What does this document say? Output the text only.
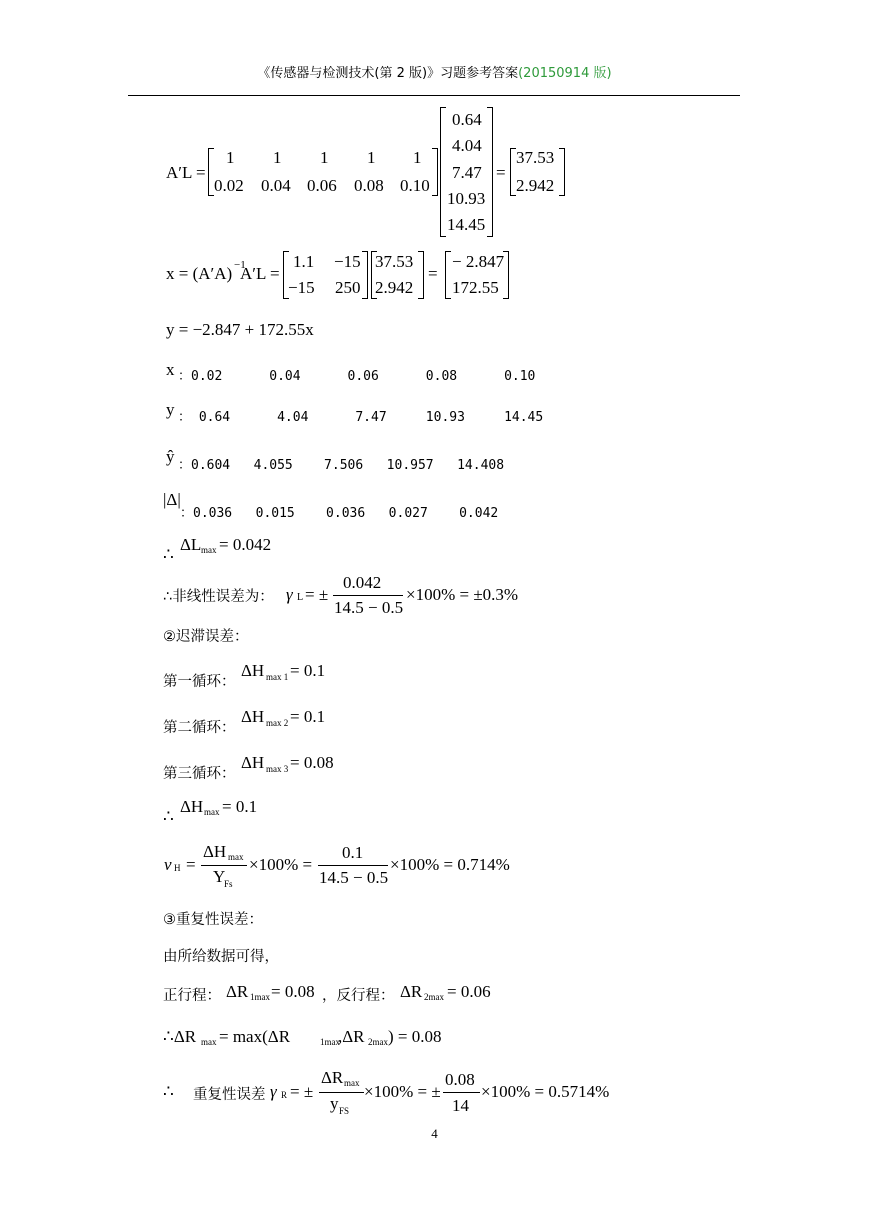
《传感器与检测技术(第 2 版)》习题参考答案(20150914 版)
A′L =
1 1 1 1 1
0.02 0.04 0.06 0.08 0.10
0.64
4.04
7.47
10.93
14.45
=
37.53
2.942
x = (A′A) −1
A′L =
1.1 −15
−15 250
37.53
2.942
=
− 2.847
172.55
y = −2.847 + 172.55x
x ：0.02      0.04      0.06      0.08      0.10
y ： 0.64      4.04      7.47     10.93     14.45
ŷ ：0.604   4.055    7.506   10.957   14.408
|Δ|
：0.036   0.015    0.036   0.027    0.042
∴
ΔL max = 0.042
∴非线性误差为： γ L = ±
0.042
14.5 − 0.5
×100% = ±0.3%
②迟滞误差：
第一循环：
ΔH max 1 = 0.1
第二循环：
ΔH max 2 = 0.1
第三循环：
ΔH max 3 = 0.08
∴
ΔH max = 0.1
ν H =
ΔH max
Y
Fs
×100% =
0.1
14.5 − 0.5
×100% = 0.714%
③重复性误差：
由所给数据可得，
正行程： ΔR 1max = 0.08 ，反行程： ΔR 2max = 0.06
∴ΔR max = max(ΔR	1max
,ΔR 2max ) = 0.08
∴ 重复性误差 γ R = ±
ΔR max
y FS
×100% = ±
0.08
14
×100% = 0.5714%
4
